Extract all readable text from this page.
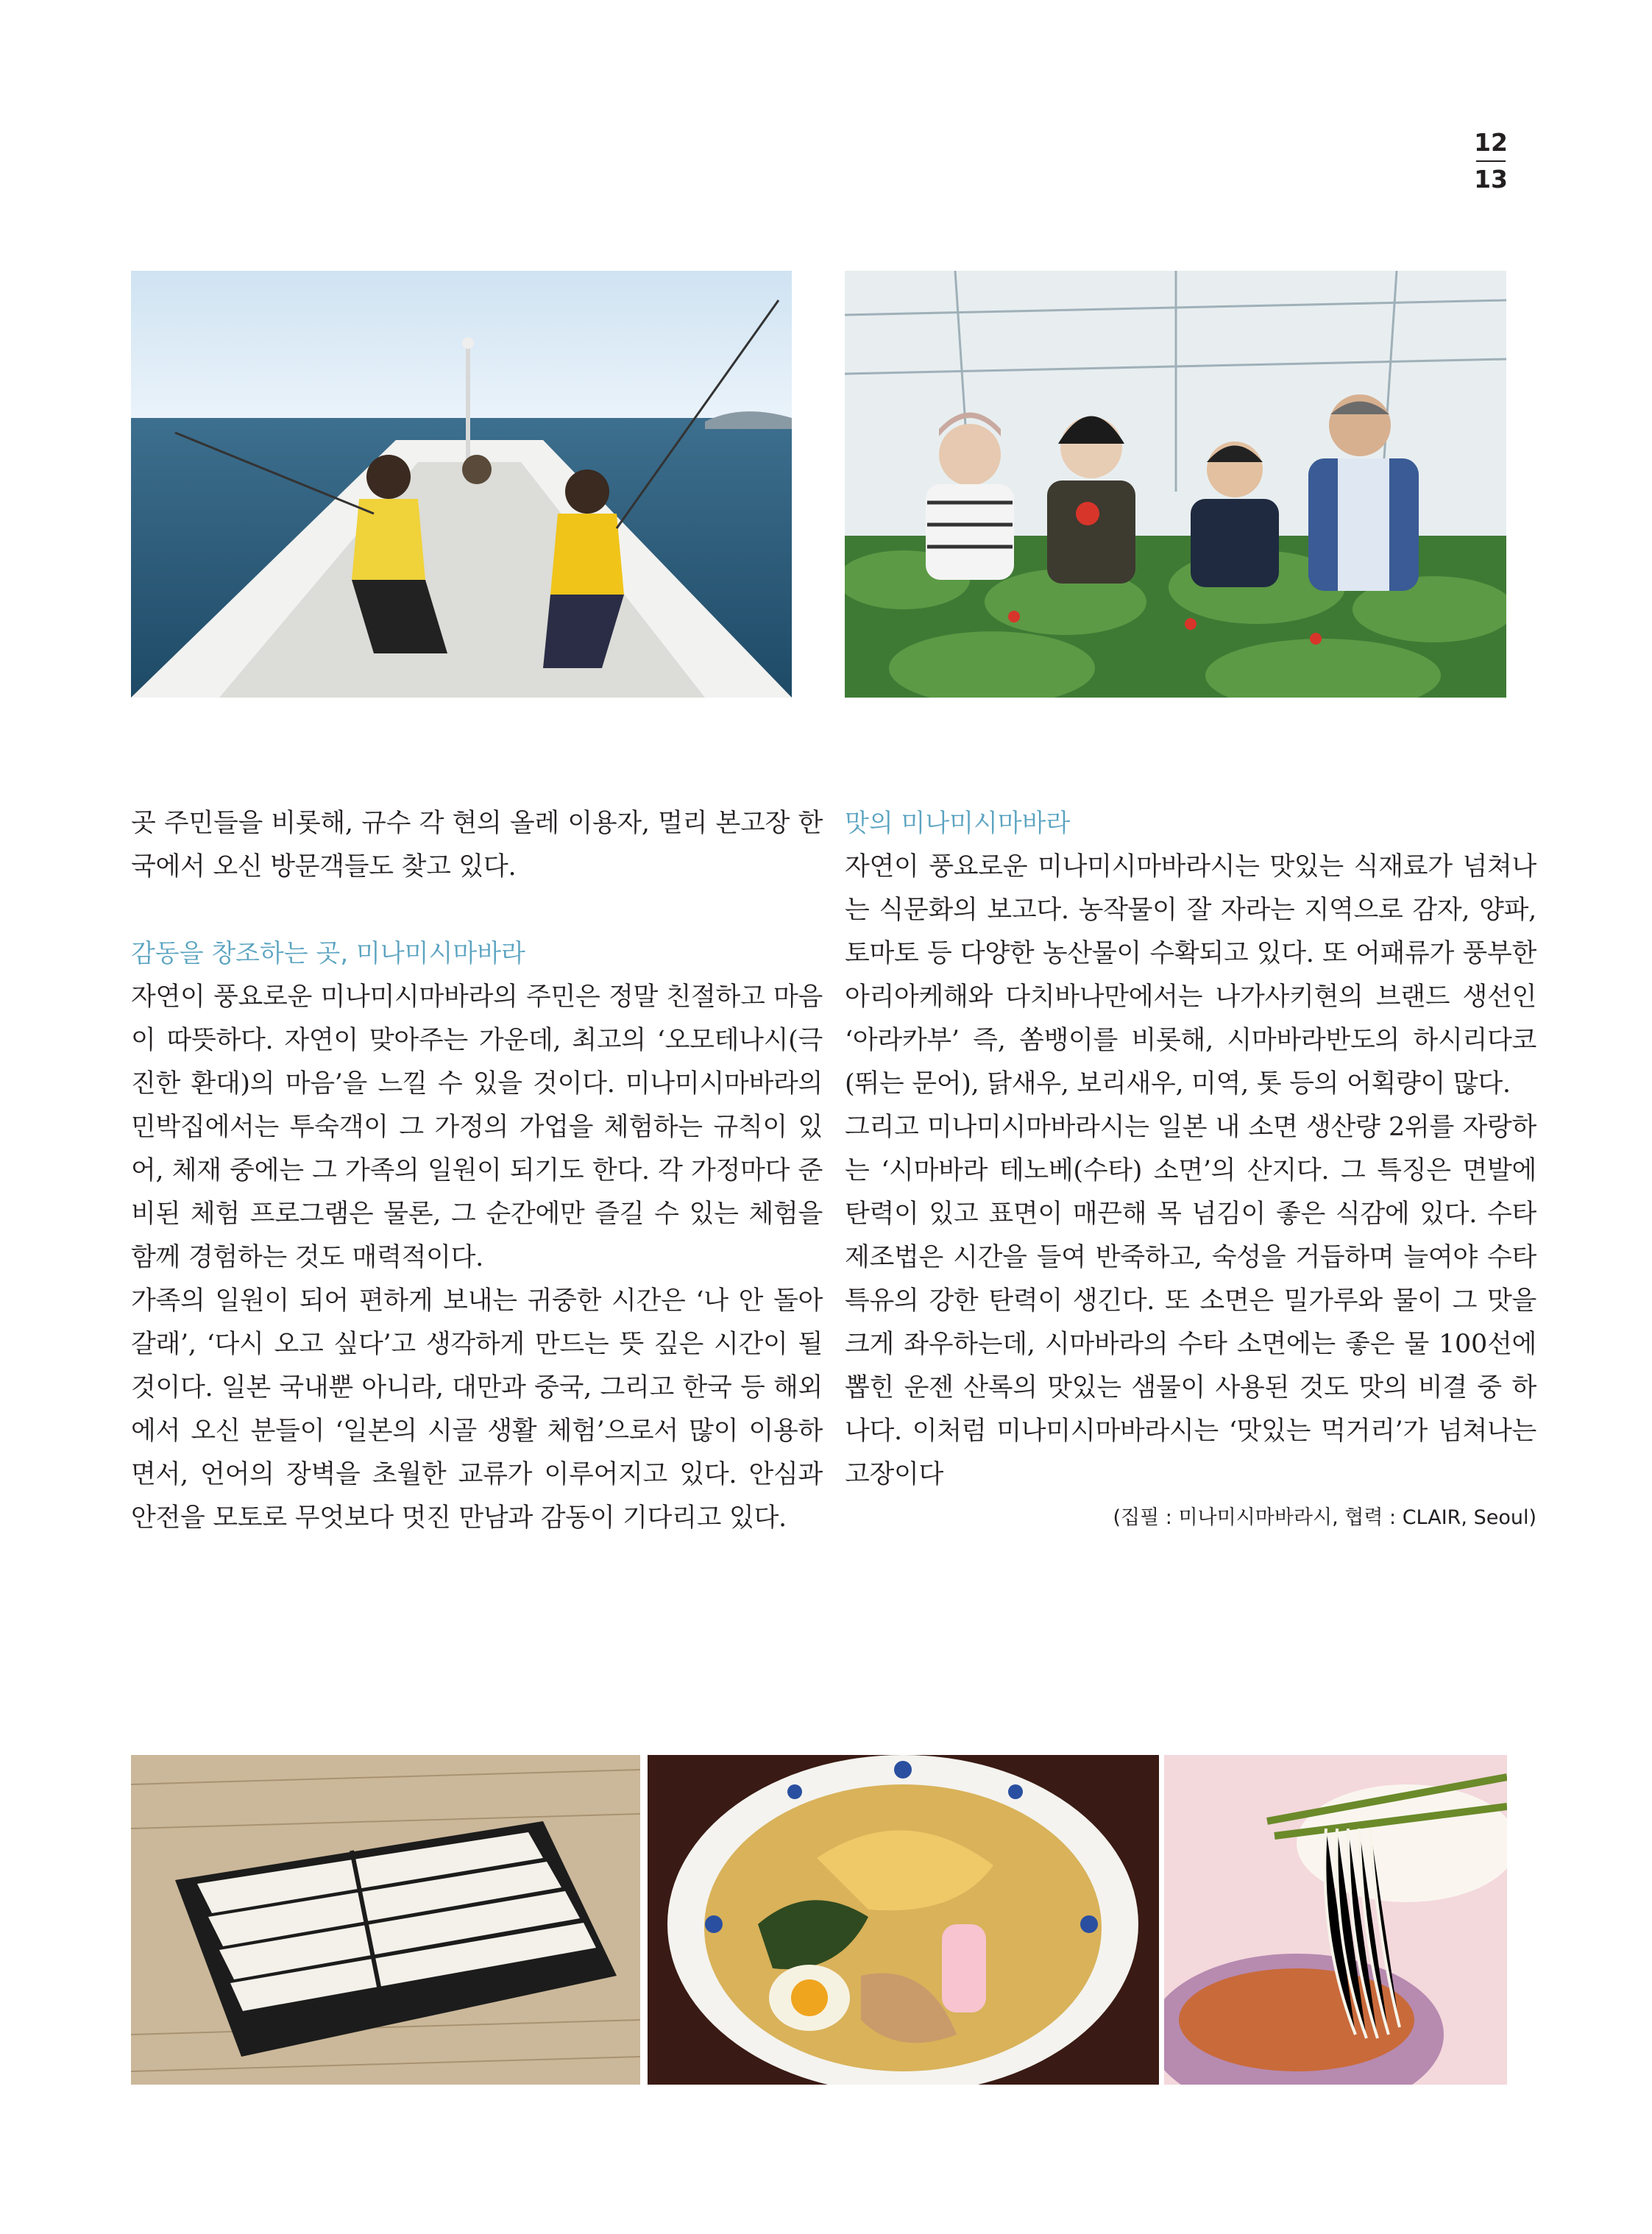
12
13

곳 주민들을 비롯해, 규수 각 현의 올레 이용자, 멀리 본고장 한국에서 오신 방문객들도 찾고 있다.

감동을 창조하는 곳, 미나미시마바라

자연이 풍요로운 미나미시마바라의 주민은 정말 친절하고 마음이 따뜻하다. 자연이 맞아주는 가운데, 최고의 ‘오모테나시(극진한 환대)의 마음’을 느낄 수 있을 것이다. 미나미시마바라의 민박집에서는 투숙객이 그 가정의 가업을 체험하는 규칙이 있어, 체재 중에는 그 가족의 일원이 되기도 한다. 각 가정마다 준비된 체험 프로그램은 물론, 그 순간에만 즐길 수 있는 체험을 함께 경험하는 것도 매력적이다.

가족의 일원이 되어 편하게 보내는 귀중한 시간은 ‘나 안 돌아 갈래’, ‘다시 오고 싶다’고 생각하게 만드는 뜻 깊은 시간이 될 것이다. 일본 국내뿐 아니라, 대만과 중국, 그리고 한국 등 해외에서 오신 분들이 ‘일본의 시골 생활 체험’으로서 많이 이용하면서, 언어의 장벽을 초월한 교류가 이루어지고 있다. 안심과 안전을 모토로 무엇보다 멋진 만남과 감동이 기다리고 있다.

맛의 미나미시마바라

자연이 풍요로운 미나미시마바라시는 맛있는 식재료가 넘쳐나는 식문화의 보고다. 농작물이 잘 자라는 지역으로 감자, 양파, 토마토 등 다양한 농산물이 수확되고 있다. 또 어패류가 풍부한 아리아케해와 다치바나만에서는 나가사키현의 브랜드 생선인 ‘아라카부’ 즉, 쏨뱅이를 비롯해, 시마바라반도의 하시리다코(뛰는 문어), 닭새우, 보리새우, 미역, 톳 등의 어획량이 많다.

그리고 미나미시마바라시는 일본 내 소면 생산량 2위를 자랑하는 ‘시마바라 테노베(수타) 소면’의 산지다. 그 특징은 면발에 탄력이 있고 표면이 매끈해 목 넘김이 좋은 식감에 있다. 수타 제조법은 시간을 들여 반죽하고, 숙성을 거듭하며 늘여야 수타 특유의 강한 탄력이 생긴다. 또 소면은 밀가루와 물이 그 맛을 크게 좌우하는데, 시마바라의 수타 소면에는 좋은 물 100선에 뽑힌 운젠 산록의 맛있는 샘물이 사용된 것도 맛의 비결 중 하나다. 이처럼 미나미시마바라시는 ‘맛있는 먹거리’가 넘쳐나는 고장이다

(집필 : 미나미시마바라시, 협력 : CLAIR, Seoul)
